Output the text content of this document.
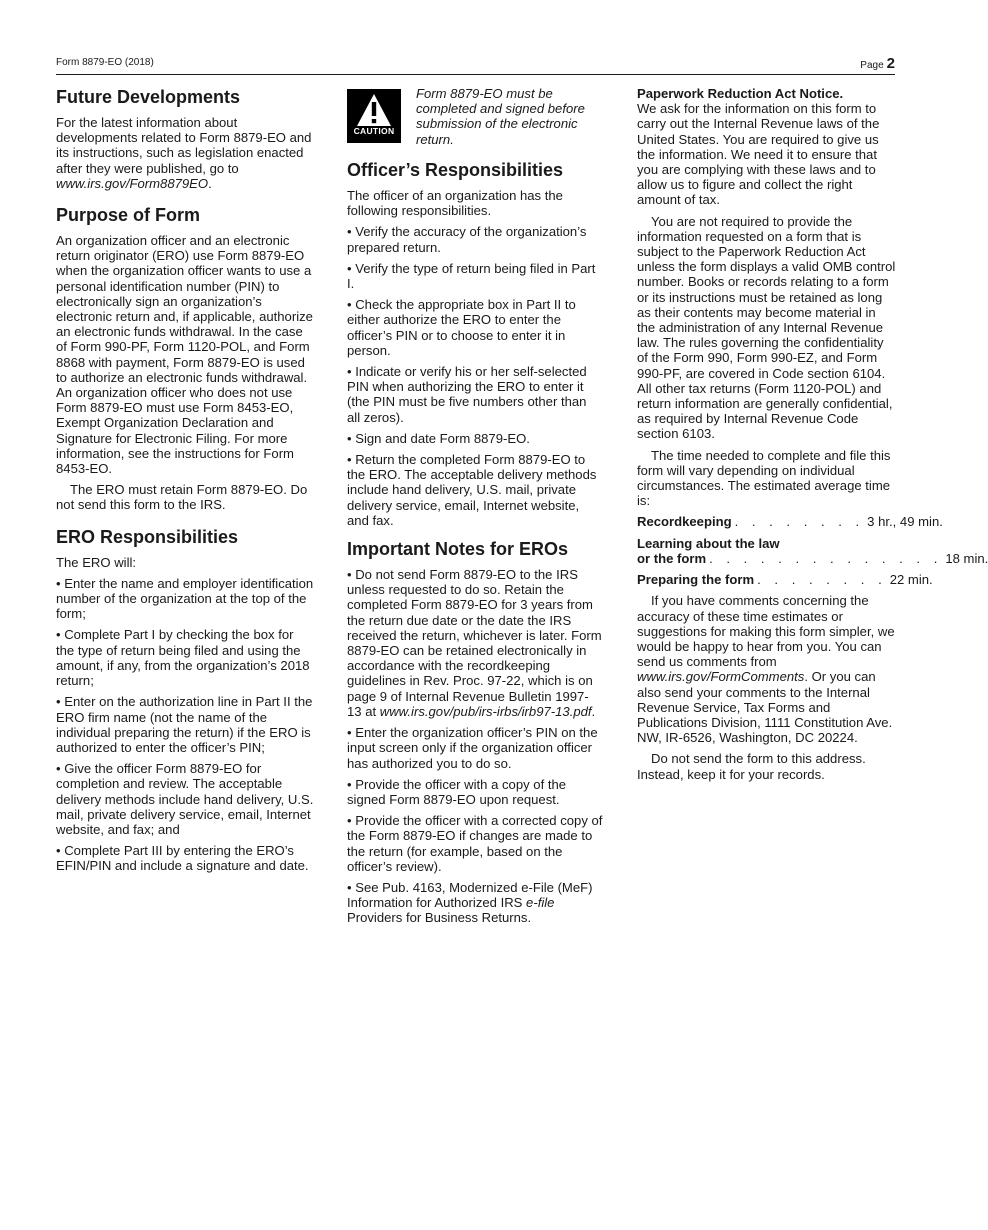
Form 8879-EO (2018)	Page 2
Future Developments

For the latest information about developments related to Form 8879-EO and its instructions, such as legislation enacted after they were published, go to www.irs.gov/Form8879EO.

Purpose of Form

An organization officer and an electronic return originator (ERO) use Form 8879-EO when the organization officer wants to use a personal identification number (PIN) to electronically sign an organization’s electronic return and, if applicable, authorize an electronic funds withdrawal. In the case of Form 990-PF, Form 1120-POL, and Form 8868 with payment, Form 8879-EO is used to authorize an electronic funds withdrawal. An organization officer who does not use Form 8879-EO must use Form 8453-EO, Exempt Organization Declaration and Signature for Electronic Filing. For more information, see the instructions for Form 8453-EO.

The ERO must retain Form 8879-EO. Do not send this form to the IRS.

ERO Responsibilities

The ERO will:

• Enter the name and employer identification number of the organization at the top of the form;

• Complete Part I by checking the box for the type of return being filed and using the amount, if any, from the organization’s 2018 return;

• Enter on the authorization line in Part II the ERO firm name (not the name of the individual preparing the return) if the ERO is authorized to enter the officer’s PIN;

• Give the officer Form 8879-EO for completion and review. The acceptable delivery methods include hand delivery, U.S. mail, private delivery service, email, Internet website, and fax; and

• Complete Part III by entering the ERO’s EFIN/PIN and include a signature and date.

CAUTION
Form 8879-EO must be completed and signed before submission of the electronic return.
Officer’s Responsibilities

The officer of an organization has the following responsibilities.

• Verify the accuracy of the organization’s prepared return.

• Verify the type of return being filed in Part I.

• Check the appropriate box in Part II to either authorize the ERO to enter the officer’s PIN or to choose to enter it in person.

• Indicate or verify his or her self-selected PIN when authorizing the ERO to enter it (the PIN must be five numbers other than all zeros).

• Sign and date Form 8879-EO.

• Return the completed Form 8879-EO to the ERO. The acceptable delivery methods include hand delivery, U.S. mail, private delivery service, email, Internet website, and fax.

Important Notes for EROs

• Do not send Form 8879-EO to the IRS unless requested to do so. Retain the completed Form 8879-EO for 3 years from the return due date or the date the IRS received the return, whichever is later. Form 8879-EO can be retained electronically in accordance with the recordkeeping guidelines in Rev. Proc. 97-22, which is on page 9 of Internal Revenue Bulletin 1997-13 at www.irs.gov/pub/irs-irbs/irb97-13.pdf.

• Enter the organization officer’s PIN on the input screen only if the organization officer has authorized you to do so.

• Provide the officer with a copy of the signed Form 8879-EO upon request.

• Provide the officer with a corrected copy of the Form 8879-EO if changes are made to the return (for example, based on the officer’s review).

• See Pub. 4163, Modernized e-File (MeF) Information for Authorized IRS e-file Providers for Business Returns.

Paperwork Reduction Act Notice.

We ask for the information on this form to carry out the Internal Revenue laws of the United States. You are required to give us the information. We need it to ensure that you are complying with these laws and to allow us to figure and collect the right amount of tax.

You are not required to provide the information requested on a form that is subject to the Paperwork Reduction Act unless the form displays a valid OMB control number. Books or records relating to a form or its instructions must be retained as long as their contents may become material in the administration of any Internal Revenue law. The rules governing the confidentiality of the Form 990, Form 990-EZ, and Form 990-PF, are covered in Code section 6104. All other tax returns (Form 1120-POL) and return information are generally confidential, as required by Internal Revenue Code section 6103.

The time needed to complete and file this form will vary depending on individual circumstances. The estimated average time is:

Recordkeeping . . . . . . . . 3 hr., 49 min.
Learning about the law
or the form . . . . . . . . . . . . . . 18 min.
Preparing the form . . . . . . . . 22 min.

If you have comments concerning the accuracy of these time estimates or suggestions for making this form simpler, we would be happy to hear from you. You can send us comments from www.irs.gov/FormComments. Or you can also send your comments to the Internal Revenue Service, Tax Forms and Publications Division, 1111 Constitution Ave. NW, IR-6526, Washington, DC 20224.

Do not send the form to this address. Instead, keep it for your records.
